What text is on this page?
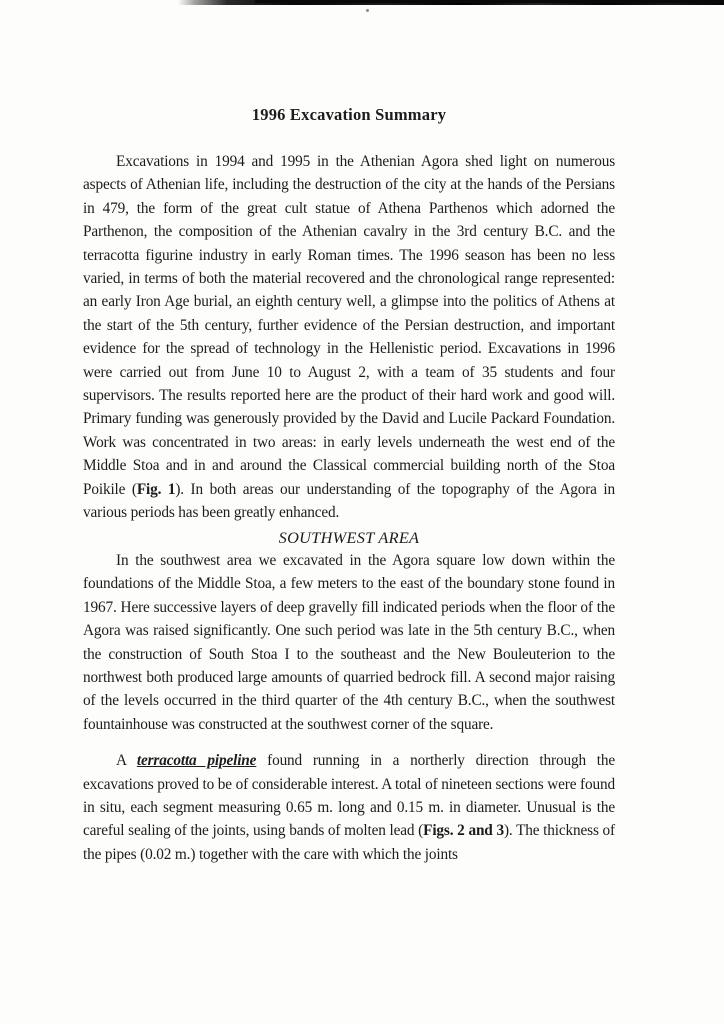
1996 Excavation Summary

Excavations in 1994 and 1995 in the Athenian Agora shed light on numerous aspects of Athenian life, including the destruction of the city at the hands of the Persians in 479, the form of the great cult statue of Athena Parthenos which adorned the Parthenon, the composition of the Athenian cavalry in the 3rd century B.C. and the terracotta figurine industry in early Roman times. The 1996 season has been no less varied, in terms of both the material recovered and the chronological range represented: an early Iron Age burial, an eighth century well, a glimpse into the politics of Athens at the start of the 5th century, further evidence of the Persian destruction, and important evidence for the spread of technology in the Hellenistic period. Excavations in 1996 were carried out from June 10 to August 2, with a team of 35 students and four supervisors. The results reported here are the product of their hard work and good will. Primary funding was generously provided by the David and Lucile Packard Foundation. Work was concentrated in two areas: in early levels underneath the west end of the Middle Stoa and in and around the Classical commercial building north of the Stoa Poikile (Fig. 1). In both areas our understanding of the topography of the Agora in various periods has been greatly enhanced.

SOUTHWEST AREA

In the southwest area we excavated in the Agora square low down within the foundations of the Middle Stoa, a few meters to the east of the boundary stone found in 1967. Here successive layers of deep gravelly fill indicated periods when the floor of the Agora was raised significantly. One such period was late in the 5th century B.C., when the construction of South Stoa I to the southeast and the New Bouleuterion to the northwest both produced large amounts of quarried bedrock fill. A second major raising of the levels occurred in the third quarter of the 4th century B.C., when the southwest fountainhouse was constructed at the southwest corner of the square.

A terracotta pipeline found running in a northerly direction through the excavations proved to be of considerable interest. A total of nineteen sections were found in situ, each segment measuring 0.65 m. long and 0.15 m. in diameter. Unusual is the careful sealing of the joints, using bands of molten lead (Figs. 2 and 3). The thickness of the pipes (0.02 m.) together with the care with which the joints
